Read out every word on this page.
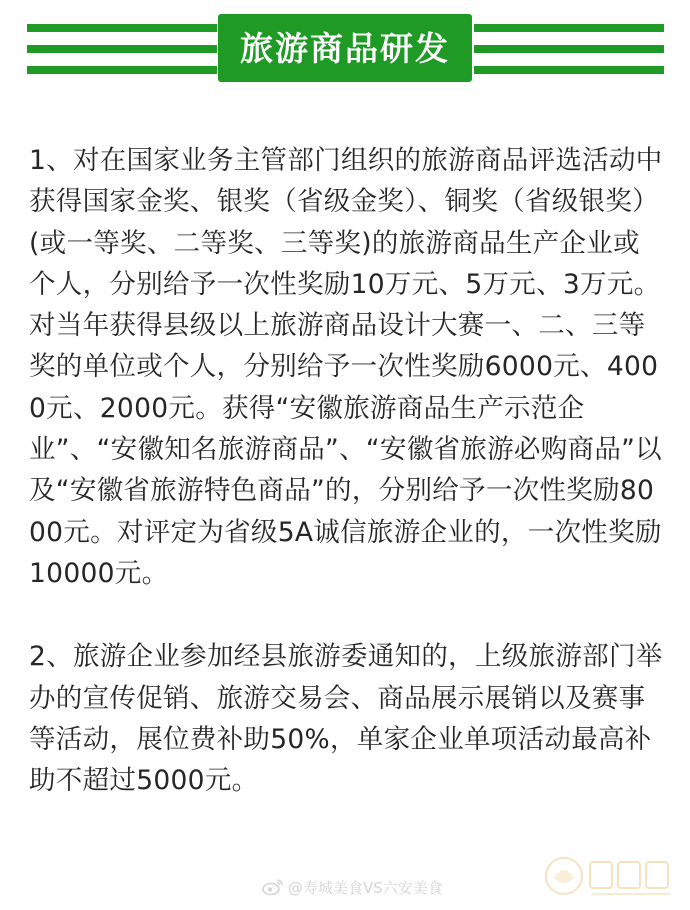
旅游商品研发

1、对在国家业务主管部门组织的旅游商品评选活动中获得国家金奖、银奖（省级金奖）、铜奖（省级银奖）(或一等奖、二等奖、三等奖)的旅游商品生产企业或个人，分别给予一次性奖励10万元、5万元、3万元。对当年获得县级以上旅游商品设计大赛一、二、三等奖的单位或个人，分别给予一次性奖励6000元、4000元、2000元。获得“安徽旅游商品生产示范企业”、“安徽知名旅游商品”、“安徽省旅游必购商品”以及“安徽省旅游特色商品”的，分别给予一次性奖励8000元。对评定为省级5A诚信旅游企业的，一次性奖励10000元。

2、旅游企业参加经县旅游委通知的，上级旅游部门举办的宣传促销、旅游交易会、商品展示展销以及赛事等活动，展位费补助50%，单家企业单项活动最高补助不超过5000元。

@寿城美食VS六安美食
